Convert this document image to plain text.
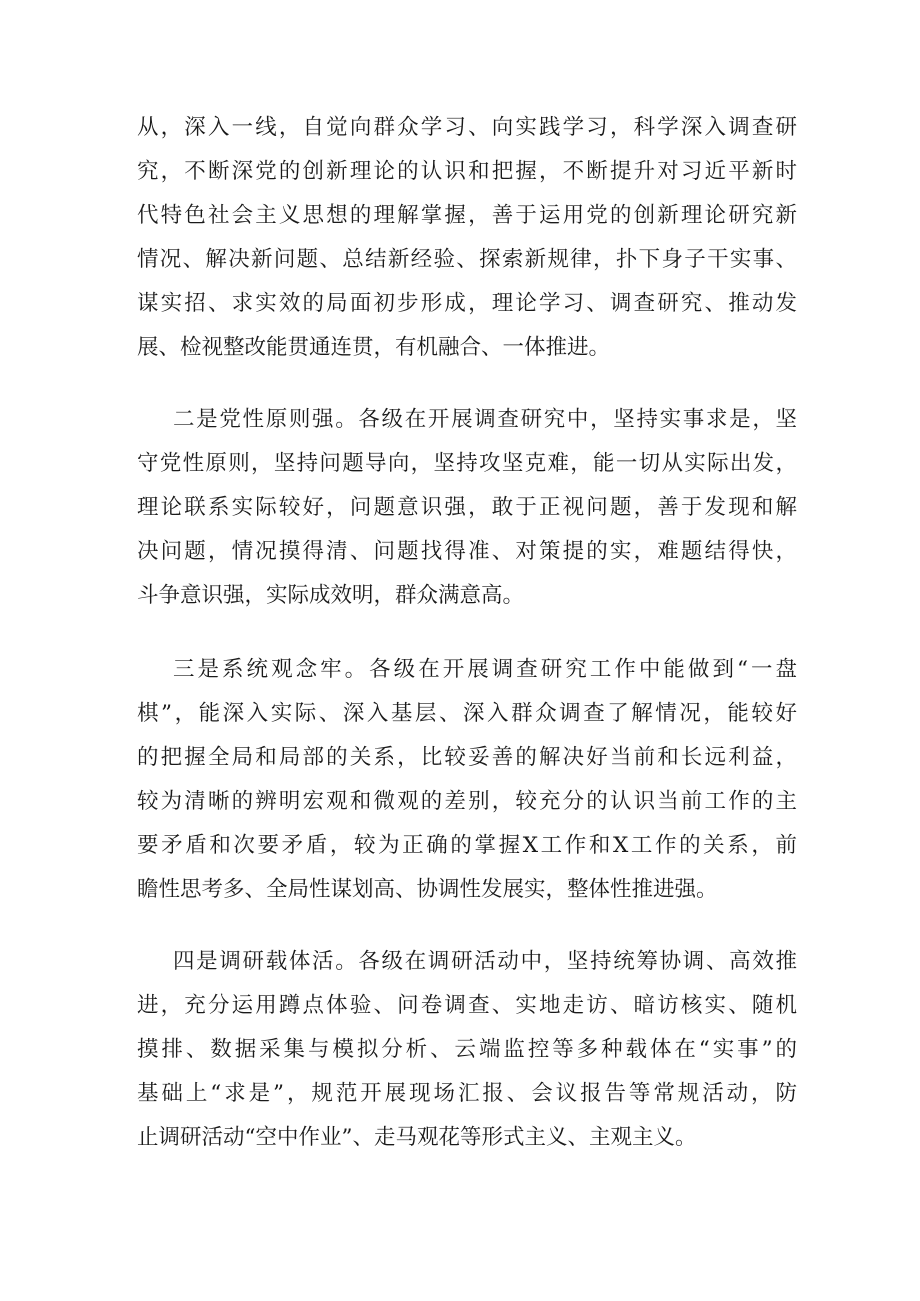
从，深入一线，自觉向群众学习、向实践学习，科学深入调查研
究，不断深党的创新理论的认识和把握，不断提升对习近平新时
代特色社会主义思想的理解掌握，善于运用党的创新理论研究新
情况、解决新问题、总结新经验、探索新规律，扑下身子干实事、
谋实招、求实效的局面初步形成，理论学习、调查研究、推动发
展、检视整改能贯通连贯，有机融合、一体推进。
二是党性原则强。各级在开展调查研究中，坚持实事求是，坚
守党性原则，坚持问题导向，坚持攻坚克难，能一切从实际出发，
理论联系实际较好，问题意识强，敢于正视问题，善于发现和解
决问题，情况摸得清、问题找得准、对策提的实，难题结得快，
斗争意识强，实际成效明，群众满意高。
三是系统观念牢。各级在开展调查研究工作中能做到“一盘
棋”，能深入实际、深入基层、深入群众调查了解情况，能较好
的把握全局和局部的关系，比较妥善的解决好当前和长远利益，
较为清晰的辨明宏观和微观的差别，较充分的认识当前工作的主
要矛盾和次要矛盾，较为正确的掌握X工作和X工作的关系，前
瞻性思考多、全局性谋划高、协调性发展实，整体性推进强。
四是调研载体活。各级在调研活动中，坚持统筹协调、高效推
进，充分运用蹲点体验、问卷调查、实地走访、暗访核实、随机
摸排、数据采集与模拟分析、云端监控等多种载体在“实事”的
基础上“求是”，规范开展现场汇报、会议报告等常规活动，防
止调研活动“空中作业”、走马观花等形式主义、主观主义。
